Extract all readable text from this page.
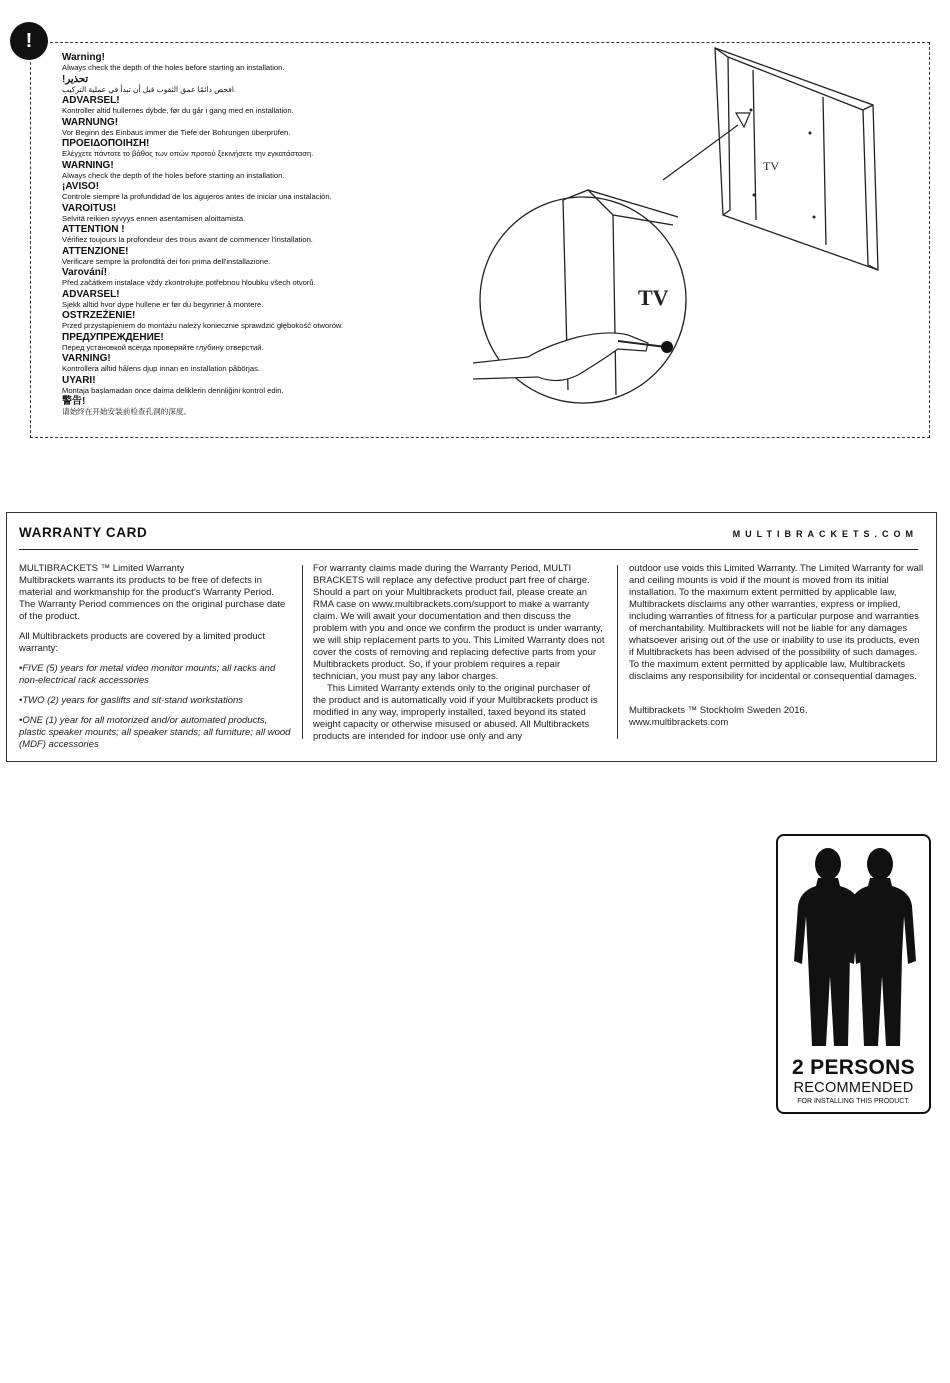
!
Warning!
Always check the depth of the holes before starting an installation.
!تحذير
افحص دائمًا عمق الثقوب قبل أن تبدأ في عملية التركيب.
ADVARSEL!
Kontroller altid hullernes dybde, før du går i gang med en installation.
WARNUNG!
Vor Beginn des Einbaus immer die Tiefe der Bohrungen überprüfen.
ΠΡΟΕΙΔΟΠΟΙΗΣΗ!
Ελέγχετε πάντοτε το βάθος των οπών προτού ξεκινήσετε την εγκατάσταση.
WARNING!
Always check the depth of the holes before starting an installation.
¡AVISO!
Controle siempre la profundidad de los agujeros antes de iniciar una instalación.
VAROITUS!
Selvitä reikien syvyys ennen asentamisen aloittamista.
ATTENTION !
Vérifiez toujours la profondeur des trous avant de commencer l'installation.
ATTENZIONE!
Verificare sempre la profondità dei fori prima dell'installazione.
Varování!
Před začátkem instalace vždy zkontrolujte potřebnou hloubku všech otvorů.
ADVARSEL!
Sjekk alltid hvor dype hullene er før du begynner å montere.
OSTRZEŻENIE!
Przed przystąpieniem do montażu należy koniecznie sprawdzić głębokość otworów.
ПРЕДУПРЕЖДЕНИЕ!
Перед установкой всегда проверяйте глубину отверстий.
VARNING!
Kontrollera alltid hålens djup innan en installation påbörjas.
UYARI!
Montaja başlamadan önce daima deliklerin derinliğini kontrol edin.
警告!
请始终在开始安装前检查孔洞的深度。
TV
TV
WARRANTY CARD	MULTIBRACKETS.COM

MULTIBRACKETS ™ Limited Warranty

Multibrackets warrants its products to be free of defects in material and workmanship for the product’s Warranty Period. The Warranty Period commences on the original purchase date of the product.

All Multibrackets products are covered by a limited product warranty:

•FIVE (5) years for metal video monitor mounts; all racks and non-electrical rack accessories

•TWO (2) years for gaslifts and sit-stand workstations

•ONE (1) year for all motorized and/or automated products, plastic speaker mounts; all speaker stands; all furniture; all wood (MDF) accessories

For warranty claims made during the Warranty Period, MULTI BRACKETS will replace any defective product part free of charge. Should a part on your Multibrackets product fail, please create an RMA case on www.multibrackets.com/support to make a warranty claim. We will await your documentation and then discuss the problem with you and once we confirm the product is under warranty, we will ship replacement parts to you. This Limited Warranty does not cover the costs of removing and replacing defective parts from your Multibrackets product. So, if your problem requires a repair technician, you must pay any labor charges.

This Limited Warranty extends only to the original purchaser of the product and is automatically void if your Multibrackets product is modified in any way, improperly installed, taxed beyond its stated weight capacity or otherwise misused or abused. All Multibrackets products are intended for indoor use only and any

outdoor use voids this Limited Warranty. The Limited Warranty for wall and ceiling mounts is void if the mount is moved from its initial installation. To the maximum extent permitted by applicable law, Multibrackets disclaims any other warranties, express or implied, including warranties of fitness for a particular purpose and warranties of merchantability. Multibrackets will not be liable for any damages whatsoever arising out of the use or inability to use its products, even if Multibrackets has been advised of the possibility of such damages. To the maximum extent permitted by applicable law, Multibrackets disclaims any responsibility for incidental or consequential damages.

Multibrackets ™ Stockholm Sweden 2016.

www.multibrackets.com

2 PERSONS
RECOMMENDED
FOR INSTALLING THIS PRODUCT.
